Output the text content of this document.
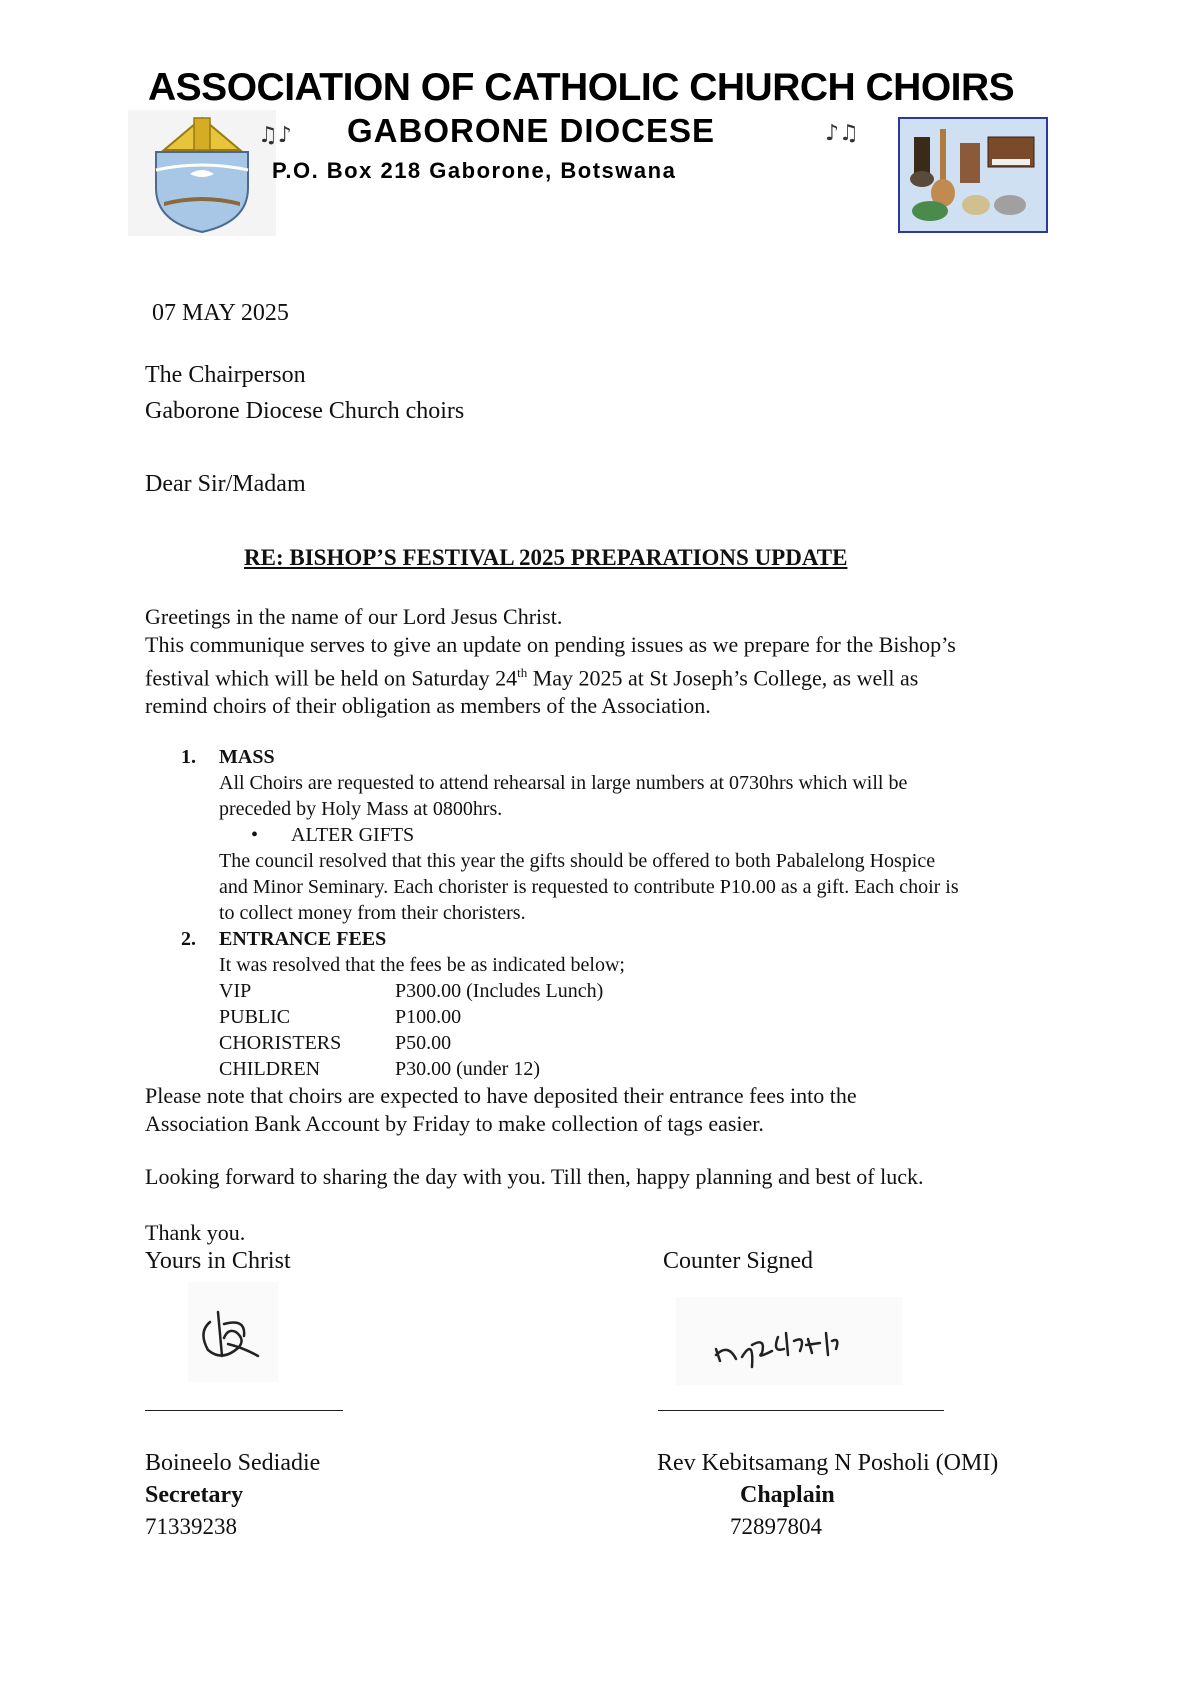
ASSOCIATION OF CATHOLIC CHURCH CHOIRS
♫♪ GABORONE DIOCESE	♪♫
P.O. Box 218 Gaborone, Botswana
07 MAY 2025
The Chairperson
Gaborone Diocese Church choirs
Dear Sir/Madam
RE: BISHOP’S FESTIVAL 2025 PREPARATIONS UPDATE

Greetings in the name of our Lord Jesus Christ.

This communique serves to give an update on pending issues as we prepare for the Bishop’s

festival which will be held on Saturday 24th May 2025 at St Joseph’s College, as well as

remind choirs of their obligation as members of the Association.

1. MASS
All Choirs are requested to attend rehearsal in large numbers at 0730hrs which will be
preceded by Holy Mass at 0800hrs.
• ALTER GIFTS
The council resolved that this year the gifts should be offered to both Pabalelong Hospice
and Minor Seminary. Each chorister is requested to contribute P10.00 as a gift. Each choir is
to collect money from their choristers.
2. ENTRANCE FEES
It was resolved that the fees be as indicated below;
VIP	P300.00 (Includes Lunch)
PUBLIC	P100.00
CHORISTERS	P50.00
CHILDREN	P30.00 (under 12)

Please note that choirs are expected to have deposited their entrance fees into the

Association Bank Account by Friday to make collection of tags easier.

Looking forward to sharing the day with you. Till then, happy planning and best of luck.
Thank you.
Yours in Christ	Counter Signed
Boineelo Sediadie	Rev Kebitsamang N Posholi (OMI)
Secretary	Chaplain
71339238	72897804
